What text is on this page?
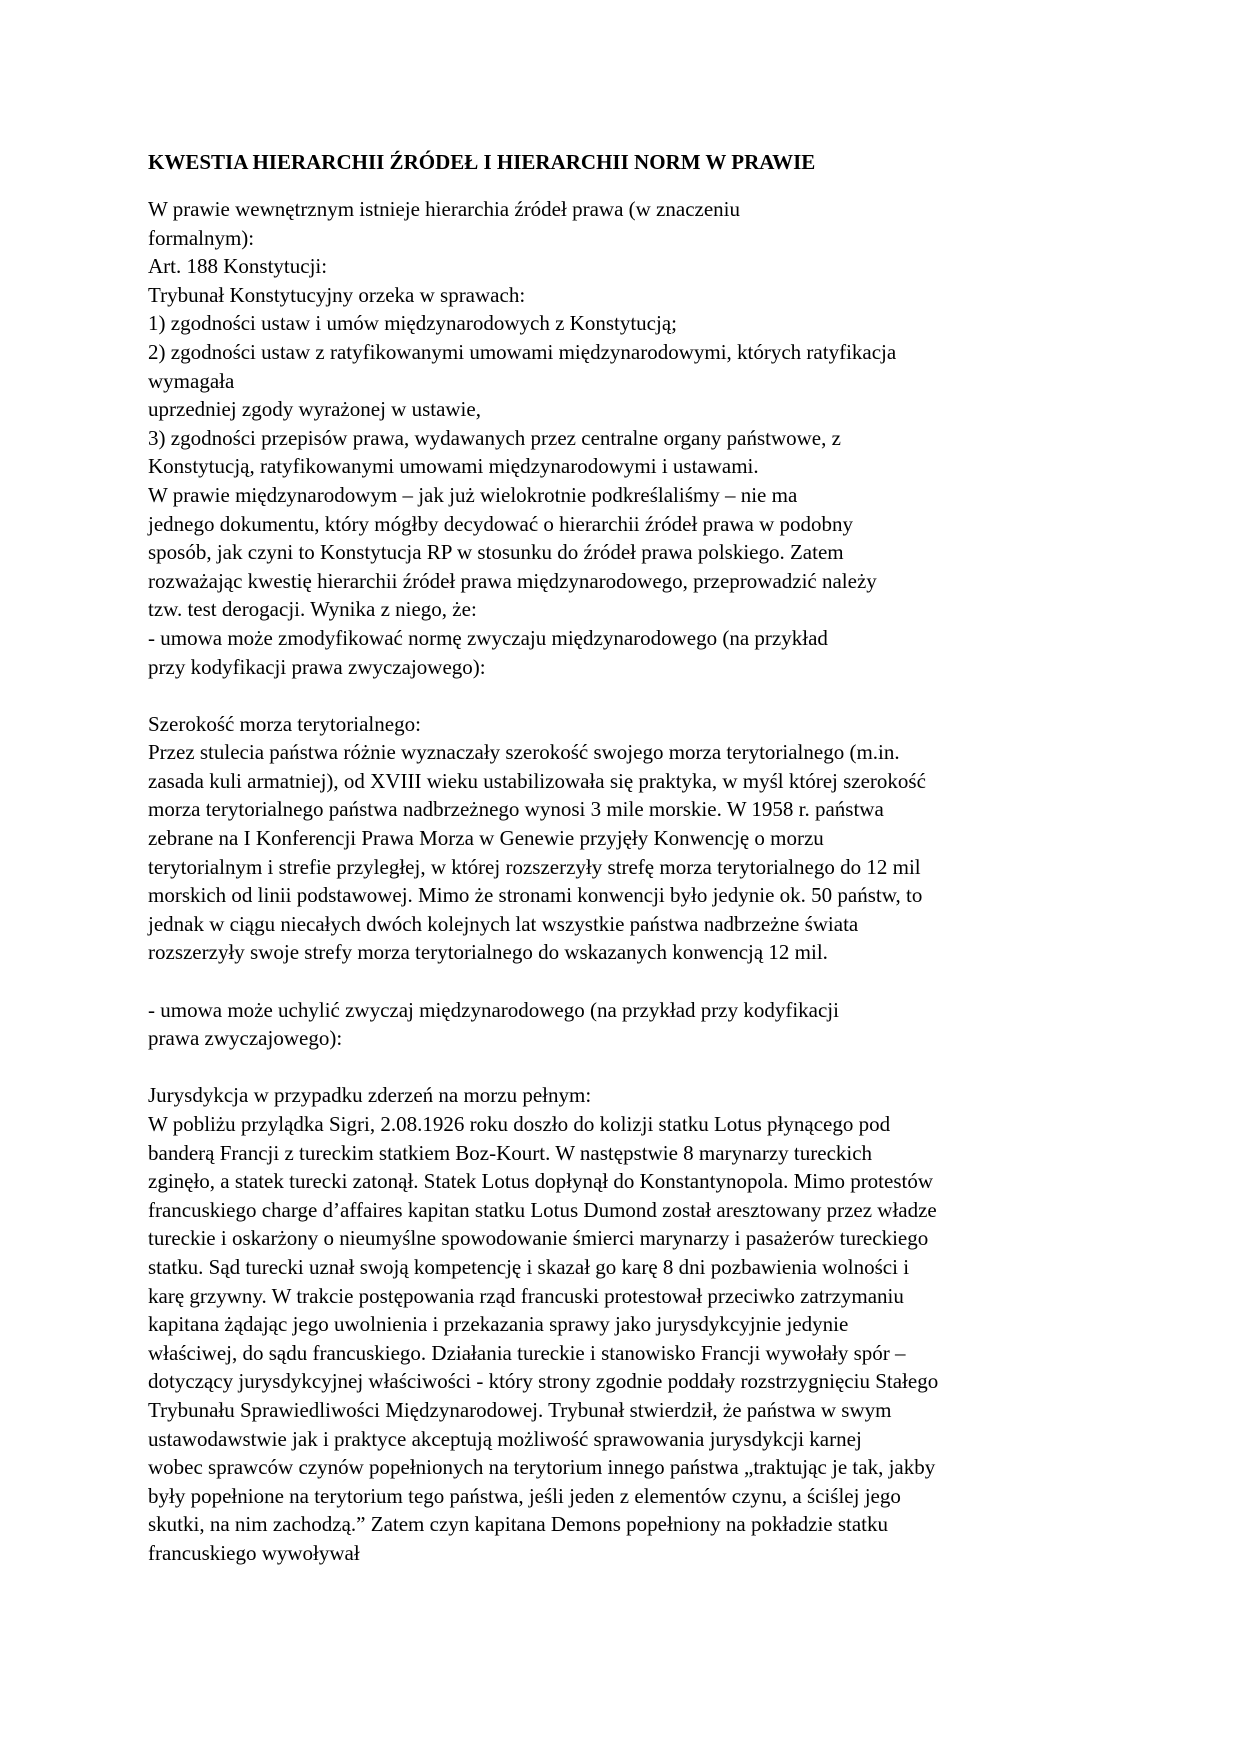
KWESTIA HIERARCHII ŹRÓDEŁ I HIERARCHII NORM W PRAWIE
W prawie wewnętrznym istnieje hierarchia źródeł prawa (w znaczeniu
formalnym):
Art. 188 Konstytucji:
Trybunał Konstytucyjny orzeka w sprawach:
1) zgodności ustaw i umów międzynarodowych z Konstytucją;
2) zgodności ustaw z ratyfikowanymi umowami międzynarodowymi, których ratyfikacja
wymagała
uprzedniej zgody wyrażonej w ustawie,
3) zgodności przepisów prawa, wydawanych przez centralne organy państwowe, z
Konstytucją, ratyfikowanymi umowami międzynarodowymi i ustawami.
W prawie międzynarodowym – jak już wielokrotnie podkreślaliśmy – nie ma
jednego dokumentu, który mógłby decydować o hierarchii źródeł prawa w podobny
sposób, jak czyni to Konstytucja RP w stosunku do źródeł prawa polskiego. Zatem
rozważając kwestię hierarchii źródeł prawa międzynarodowego, przeprowadzić należy
tzw. test derogacji. Wynika z niego, że:
- umowa może zmodyfikować normę zwyczaju międzynarodowego (na przykład
przy kodyfikacji prawa zwyczajowego):
Szerokość morza terytorialnego:
Przez stulecia państwa różnie wyznaczały szerokość swojego morza terytorialnego (m.in.
zasada kuli armatniej), od XVIII wieku ustabilizowała się praktyka, w myśl której szerokość
morza terytorialnego państwa nadbrzeżnego wynosi 3 mile morskie. W 1958 r. państwa
zebrane na I Konferencji Prawa Morza w Genewie przyjęły Konwencję o morzu
terytorialnym i strefie przyległej, w której rozszerzyły strefę morza terytorialnego do 12 mil
morskich od linii podstawowej. Mimo że stronami konwencji było jedynie ok. 50 państw, to
jednak w ciągu niecałych dwóch kolejnych lat wszystkie państwa nadbrzeżne świata
rozszerzyły swoje strefy morza terytorialnego do wskazanych konwencją 12 mil.
- umowa może uchylić zwyczaj międzynarodowego (na przykład przy kodyfikacji
prawa zwyczajowego):
Jurysdykcja w przypadku zderzeń na morzu pełnym:
W pobliżu przylądka Sigri, 2.08.1926 roku doszło do kolizji statku Lotus płynącego pod
banderą Francji z tureckim statkiem Boz-Kourt. W następstwie 8 marynarzy tureckich
zginęło, a statek turecki zatonął. Statek Lotus dopłynął do Konstantynopola. Mimo protestów
francuskiego charge d’affaires kapitan statku Lotus Dumond został aresztowany przez władze
tureckie i oskarżony o nieumyślne spowodowanie śmierci marynarzy i pasażerów tureckiego
statku. Sąd turecki uznał swoją kompetencję i skazał go karę 8 dni pozbawienia wolności i
karę grzywny. W trakcie postępowania rząd francuski protestował przeciwko zatrzymaniu
kapitana żądając jego uwolnienia i przekazania sprawy jako jurysdykcyjnie jedynie
właściwej, do sądu francuskiego. Działania tureckie i stanowisko Francji wywołały spór –
dotyczący jurysdykcyjnej właściwości - który strony zgodnie poddały rozstrzygnięciu Stałego
Trybunału Sprawiedliwości Międzynarodowej. Trybunał stwierdził, że państwa w swym
ustawodawstwie jak i praktyce akceptują możliwość sprawowania jurysdykcji karnej
wobec sprawców czynów popełnionych na terytorium innego państwa „traktując je tak, jakby
były popełnione na terytorium tego państwa, jeśli jeden z elementów czynu, a ściślej jego
skutki, na nim zachodzą.” Zatem czyn kapitana Demons popełniony na pokładzie statku
francuskiego wywoływał
